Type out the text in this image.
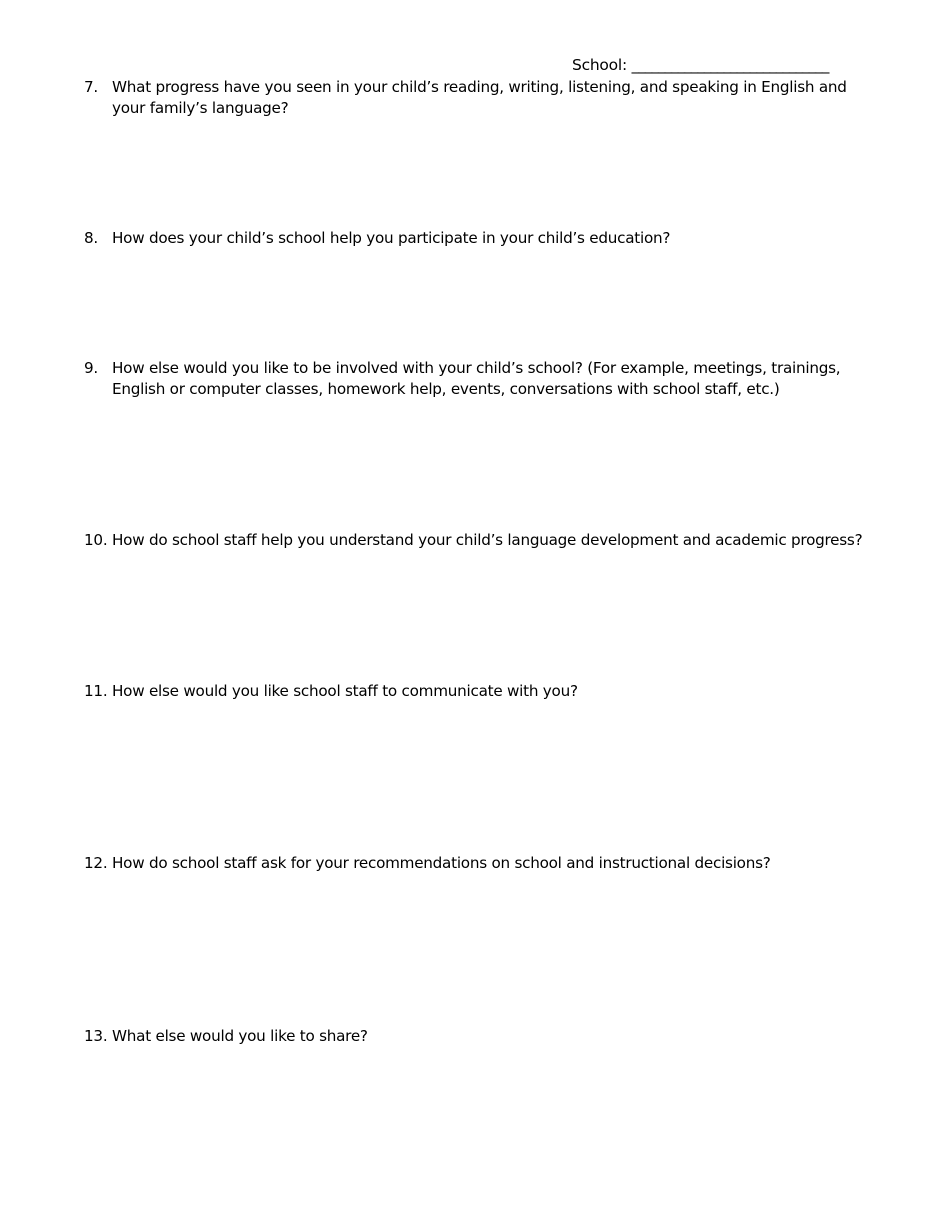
School: ______________________________
7. What progress have you seen in your child’s reading, writing, listening, and speaking in English and your family’s language?
8. How does your child’s school help you participate in your child’s education?
9. How else would you like to be involved with your child’s school? (For example, meetings, trainings, English or computer classes, homework help, events, conversations with school staff, etc.)
10. How do school staff help you understand your child’s language development and academic progress?
11. How else would you like school staff to communicate with you?
12. How do school staff ask for your recommendations on school and instructional decisions?
13. What else would you like to share?
